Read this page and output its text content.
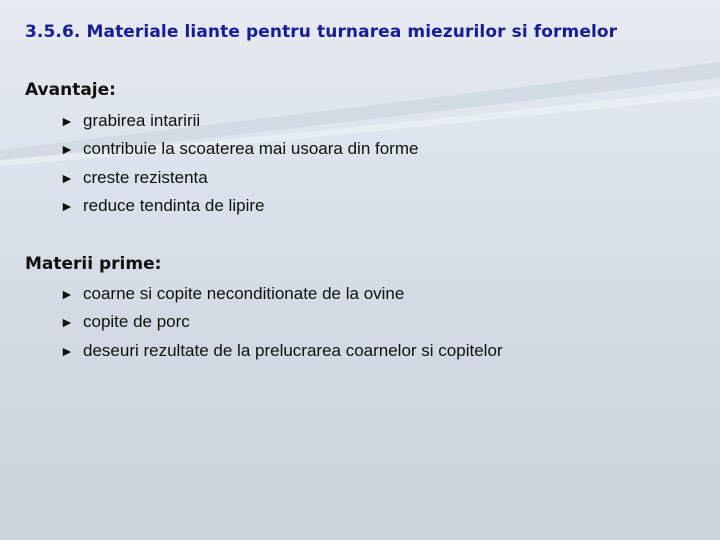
3.5.6. Materiale liante pentru turnarea miezurilor si formelor
Avantaje:
► grabirea intaririi
► contribuie la scoaterea mai usoara din forme
► creste rezistenta
► reduce tendinta de lipire
Materii prime:
► coarne si copite neconditionate de la ovine
► copite de porc
► deseuri rezultate de la prelucrarea coarnelor si copitelor
